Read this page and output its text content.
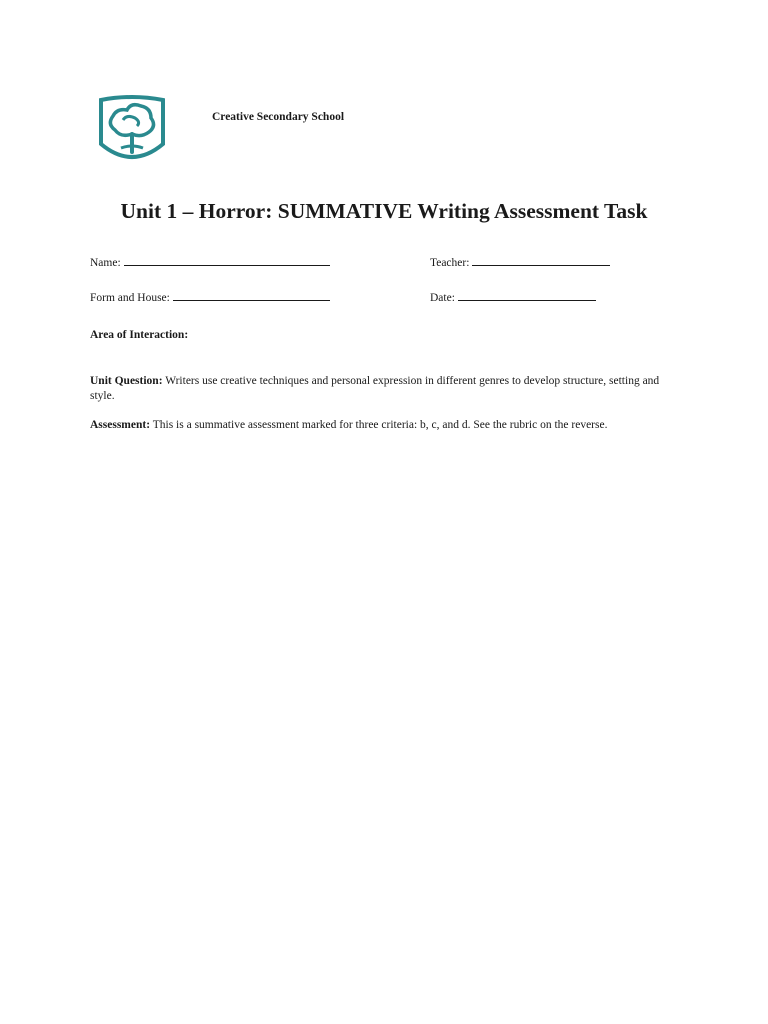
Creative Secondary School
Unit 1 – Horror: SUMMATIVE Writing Assessment Task
Name:	Teacher:
Form and House:	Date:
Area of Interaction:
Unit Question: Writers use creative techniques and personal expression in different genres to develop structure, setting and style.
Assessment: This is a summative assessment marked for three criteria: b, c, and d. See the rubric on the reverse.
